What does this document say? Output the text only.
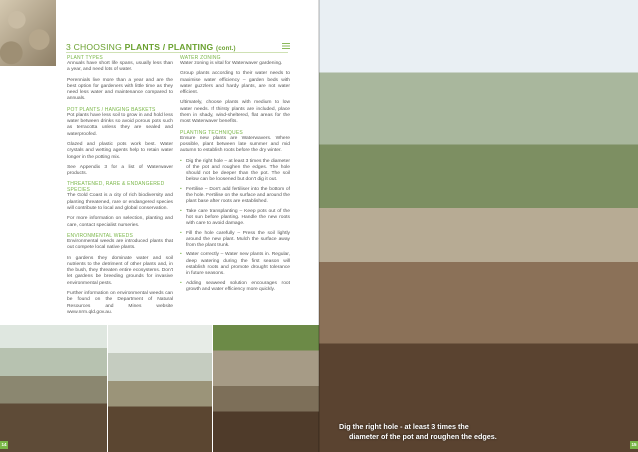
3 CHOOSING PLANTS / PLANTING (cont.)
PLANT TYPES

Annuals have short life spans, usually less than a year, and need lots of water.

Perennials live more than a year and are the best option for gardeners with little time as they need less water and maintenance compared to annuals.

POT PLANTS / HANGING BASKETS

Pot plants have less soil to grow in and hold less water between drinks so avoid porous pots such as terracotta unless they are sealed and waterproofed.

Glazed and plastic pots work best. Water crystals and wetting agents help to retain water longer in the potting mix.

See Appendix 3 for a list of Waterwaver products.

THREATENED, RARE & ENDANGERED SPECIES

The Gold Coast is a city of rich biodiversity and planting threatened, rare or endangered species will contribute to local and global conservation.

For more information on selection, planting and care, contact specialist nurseries.

ENVIRONMENTAL WEEDS

Environmental weeds are introduced plants that out compete local native plants.

In gardens they dominate water and soil nutrients to the detriment of other plants and, in the bush, they threaten entire ecosystems. Don't let gardens be breeding grounds for invasive environmental pests.

Further information on environmental weeds can be found on the Department of Natural Resources and Mines website www.nrm.qld.gov.au.

WATER ZONING

Water zoning is vital for Waterwaver gardening.

Group plants according to their water needs to maximise water efficiency – garden beds with water guzzlers and hardy plants, are not water efficient.

Ultimately, choose plants with medium to low water needs. If thirsty plants are included, place them in shady, wind-sheltered, flat areas for the most Waterwaver benefits.

PLANTING TECHNIQUES

Ensure new plants are Waterwavers. Where possible, plant between late summer and mid autumn to establish roots before the dry winter.

• Dig the right hole – at least 3 times the diameter of the pot and roughen the edges. The hole should not be deeper than the pot. The soil below can be loosened but don't dig it out.
• Fertilise – Don't add fertiliser into the bottom of the hole. Fertilise on the surface and around the plant base after roots are established.
• Take care transplanting – Keep pots out of the hot sun before planting. Handle the new roots with care to avoid damage.
• Fill the hole carefully – Press the soil lightly around the new plant. Mulch the surface away from the plant trunk.
• Water correctly – Water new plants in. Regular, deep watering during the first season will establish roots and promote drought tolerance in future seasons.
• Adding seaweed solution encourages root growth and water efficiency more quickly.
14	15
Dig the right hole - at least 3 times the
diameter of the pot and roughen the edges.
